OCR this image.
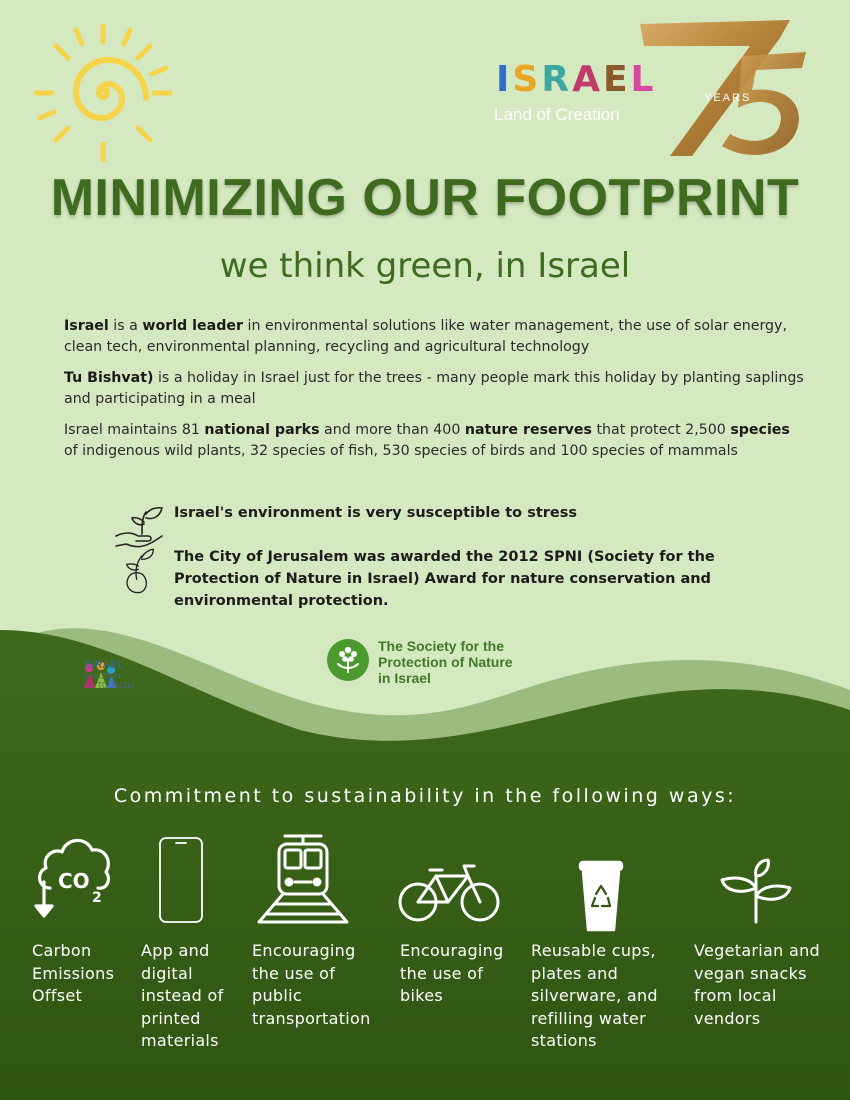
I S R A E L
Land of Creation
YEARS
MINIMIZING OUR FOOTPRINT
we think green, in Israel

Israel is a world leader in environmental solutions like water management, the use of solar energy, clean tech, environmental planning, recycling and agricultural technology

Tu Bishvat) is a holiday in Israel just for the trees - many people mark this holiday by planting saplings and participating in a meal

Israel maintains 81 national parks and more than 400 nature reserves that protect 2,500 species of indigenous wild plants, 32 species of fish, 530 species of birds and 100 species of mammals

Israel's environment is very susceptible to stress
The City of Jerusalem was awarded the 2012 SPNI (Society for the Protection of Nature in Israel) Award for nature conservation and environmental protection.
ISRAEL
MINISTRY
OF TOURISM
The Society for the
Protection of Nature
in Israel
Commitment to sustainability in the following ways:
CO
2
Carbon
Emissions
Offset
App and
digital
instead of
printed
materials
Encouraging
the use of
public
transportation
Encouraging
the use of
bikes
Reusable cups,
plates and
silverware, and
refilling water
stations
Vegetarian and
vegan snacks
from local
vendors
